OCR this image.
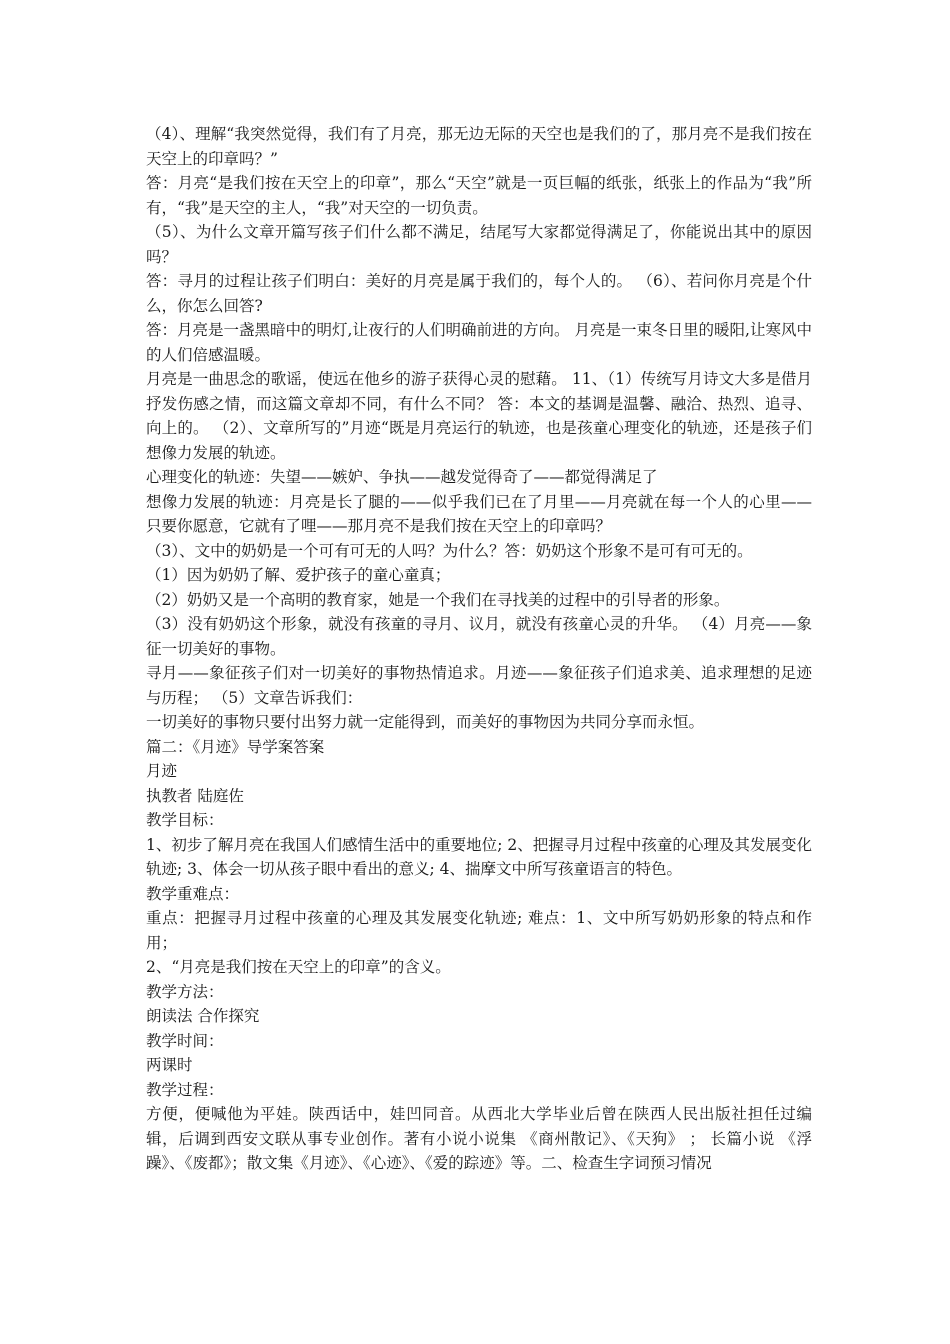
（4）、理解“我突然觉得，我们有了月亮，那无边无际的天空也是我们的了，那月亮不是我们按在天空上的印章吗？”

答：月亮“是我们按在天空上的印章”，那么“天空”就是一页巨幅的纸张，纸张上的作品为“我”所有，“我”是天空的主人，“我”对天空的一切负责。

（5）、为什么文章开篇写孩子们什么都不满足，结尾写大家都觉得满足了，你能说出其中的原因吗？

答：寻月的过程让孩子们明白：美好的月亮是属于我们的，每个人的。 （6）、若问你月亮是个什么，你怎么回答?

答：月亮是一盏黑暗中的明灯,让夜行的人们明确前进的方向。 月亮是一束冬日里的暖阳,让寒风中的人们倍感温暖。

月亮是一曲思念的歌谣，使远在他乡的游子获得心灵的慰藉。 11、（1）传统写月诗文大多是借月抒发伤感之情，而这篇文章却不同，有什么不同？ 答：本文的基调是温馨、融洽、热烈、追寻、向上的。 （2）、文章所写的”月迹“既是月亮运行的轨迹，也是孩童心理变化的轨迹，还是孩子们想像力发展的轨迹。

心理变化的轨迹：失望——嫉妒、争执——越发觉得奇了——都觉得满足了

想像力发展的轨迹：月亮是长了腿的——似乎我们已在了月里——月亮就在每一个人的心里——只要你愿意，它就有了哩——那月亮不是我们按在天空上的印章吗？

（3）、文中的奶奶是一个可有可无的人吗？为什么？答：奶奶这个形象不是可有可无的。

（1）因为奶奶了解、爱护孩子的童心童真；

（2）奶奶又是一个高明的教育家，她是一个我们在寻找美的过程中的引导者的形象。

（3）没有奶奶这个形象，就没有孩童的寻月、议月，就没有孩童心灵的升华。 （4）月亮——象征一切美好的事物。

寻月——象征孩子们对一切美好的事物热情追求。月迹——象征孩子们追求美、追求理想的足迹与历程； （5）文章告诉我们：

一切美好的事物只要付出努力就一定能得到，而美好的事物因为共同分享而永恒。

篇二：《月迹》导学案答案

月迹

执教者 陆庭佐

教学目标：

1、初步了解月亮在我国人们感情生活中的重要地位; 2、把握寻月过程中孩童的心理及其发展变化轨迹; 3、体会一切从孩子眼中看出的意义; 4、揣摩文中所写孩童语言的特色。

教学重难点：

重点：把握寻月过程中孩童的心理及其发展变化轨迹; 难点：1、文中所写奶奶形象的特点和作用；

2、“月亮是我们按在天空上的印章”的含义。

教学方法：

朗读法 合作探究

教学时间：

两课时

教学过程：

方便，便喊他为平娃。陕西话中，娃凹同音。从西北大学毕业后曾在陕西人民出版社担任过编辑，后调到西安文联从事专业创作。著有小说小说集 《商州散记》、《天狗》 ； 长篇小说 《浮躁》、《废都》；散文集《月迹》、《心迹》、《爱的踪迹》等。二、检查生字词预习情况
